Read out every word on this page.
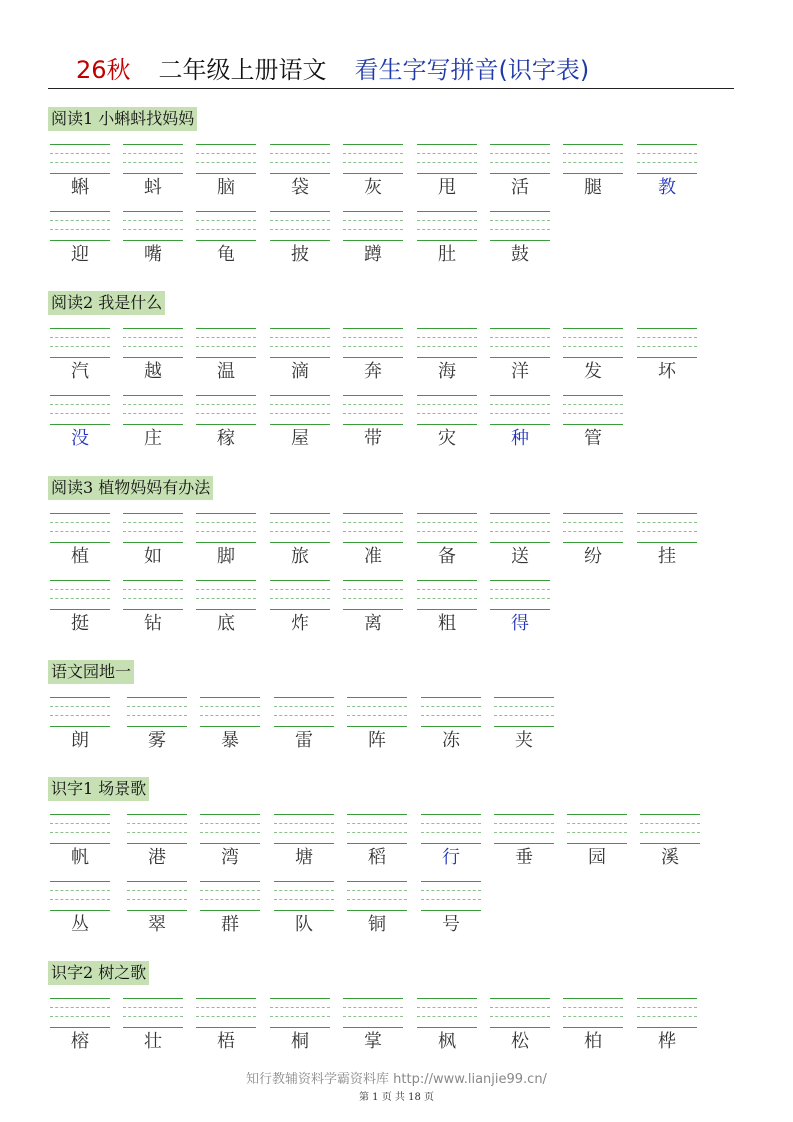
26秋 二年级上册语文 看生字写拼音(识字表)
阅读1 小蝌蚪找妈妈
蝌	蚪	脑	袋	灰	甩	活	腿	教
迎	嘴	龟	披	蹲	肚	鼓
阅读2 我是什么
汽	越	温	滴	奔	海	洋	发	坏
没	庄	稼	屋	带	灾	种	管
阅读3 植物妈妈有办法
植	如	脚	旅	准	备	送	纷	挂
挺	钻	底	炸	离	粗	得
语文园地一
朗	雾	暴	雷	阵	冻	夹
识字1 场景歌
帆	港	湾	塘	稻	行	垂	园	溪
丛	翠	群	队	铜	号
识字2 树之歌
榕	壮	梧	桐	掌	枫	松	柏	桦
知行教辅资料学霸资料库 http://www.lianjie99.cn/
第 1 页 共 18 页
